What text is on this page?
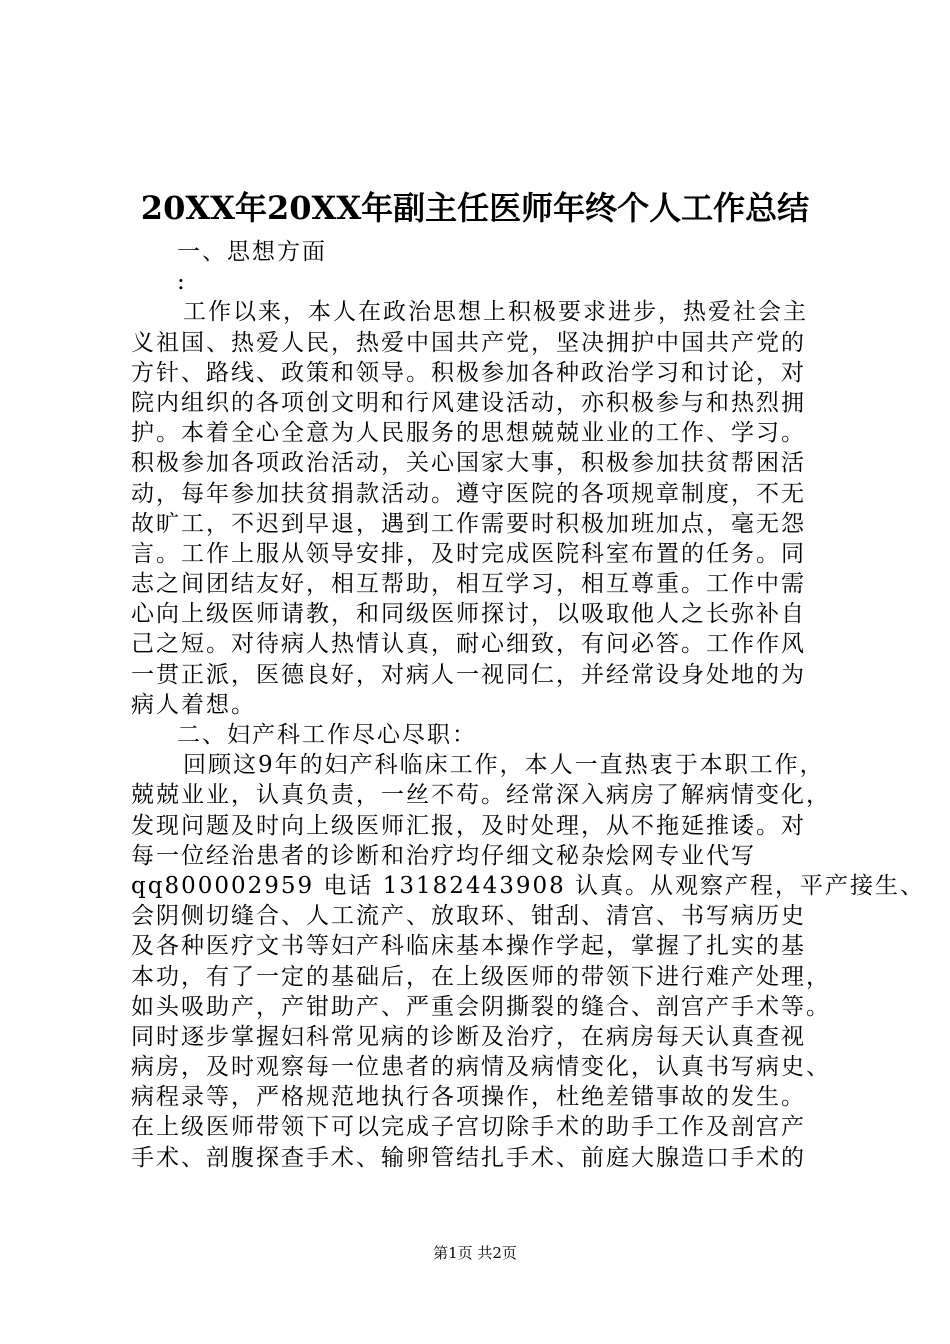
20XX年20XX年副主任医师年终个人工作总结
一、思想方面
:
工作以来，本人在政治思想上积极要求进步，热爱社会主
义祖国、热爱人民，热爱中国共产党，坚决拥护中国共产党的
方针、路线、政策和领导。积极参加各种政治学习和讨论，对
院内组织的各项创文明和行风建设活动，亦积极参与和热烈拥
护。本着全心全意为人民服务的思想兢兢业业的工作、学习。
积极参加各项政治活动，关心国家大事，积极参加扶贫帮困活
动，每年参加扶贫捐款活动。遵守医院的各项规章制度，不无
故旷工，不迟到早退，遇到工作需要时积极加班加点，毫无怨
言。工作上服从领导安排，及时完成医院科室布置的任务。同
志之间团结友好，相互帮助，相互学习，相互尊重。工作中需
心向上级医师请教，和同级医师探讨，以吸取他人之长弥补自
己之短。对待病人热情认真，耐心细致，有问必答。工作作风
一贯正派，医德良好，对病人一视同仁，并经常设身处地的为
病人着想。
二、妇产科工作尽心尽职：
回顾这9年的妇产科临床工作，本人一直热衷于本职工作，
兢兢业业，认真负责，一丝不苟。经常深入病房了解病情变化，
发现问题及时向上级医师汇报，及时处理，从不拖延推诿。对
每一位经治患者的诊断和治疗均仔细文秘杂烩网专业代写
qq800002959 电话 13182443908 认真。从观察产程，平产接生、
会阴侧切缝合、人工流产、放取环、钳刮、清宫、书写病历史
及各种医疗文书等妇产科临床基本操作学起，掌握了扎实的基
本功，有了一定的基础后，在上级医师的带领下进行难产处理，
如头吸助产，产钳助产、严重会阴撕裂的缝合、剖宫产手术等。
同时逐步掌握妇科常见病的诊断及治疗，在病房每天认真查视
病房，及时观察每一位患者的病情及病情变化，认真书写病史、
病程录等，严格规范地执行各项操作，杜绝差错事故的发生。
在上级医师带领下可以完成子宫切除手术的助手工作及剖宫产
手术、剖腹探查手术、输卵管结扎手术、前庭大腺造口手术的
第1页 共2页
